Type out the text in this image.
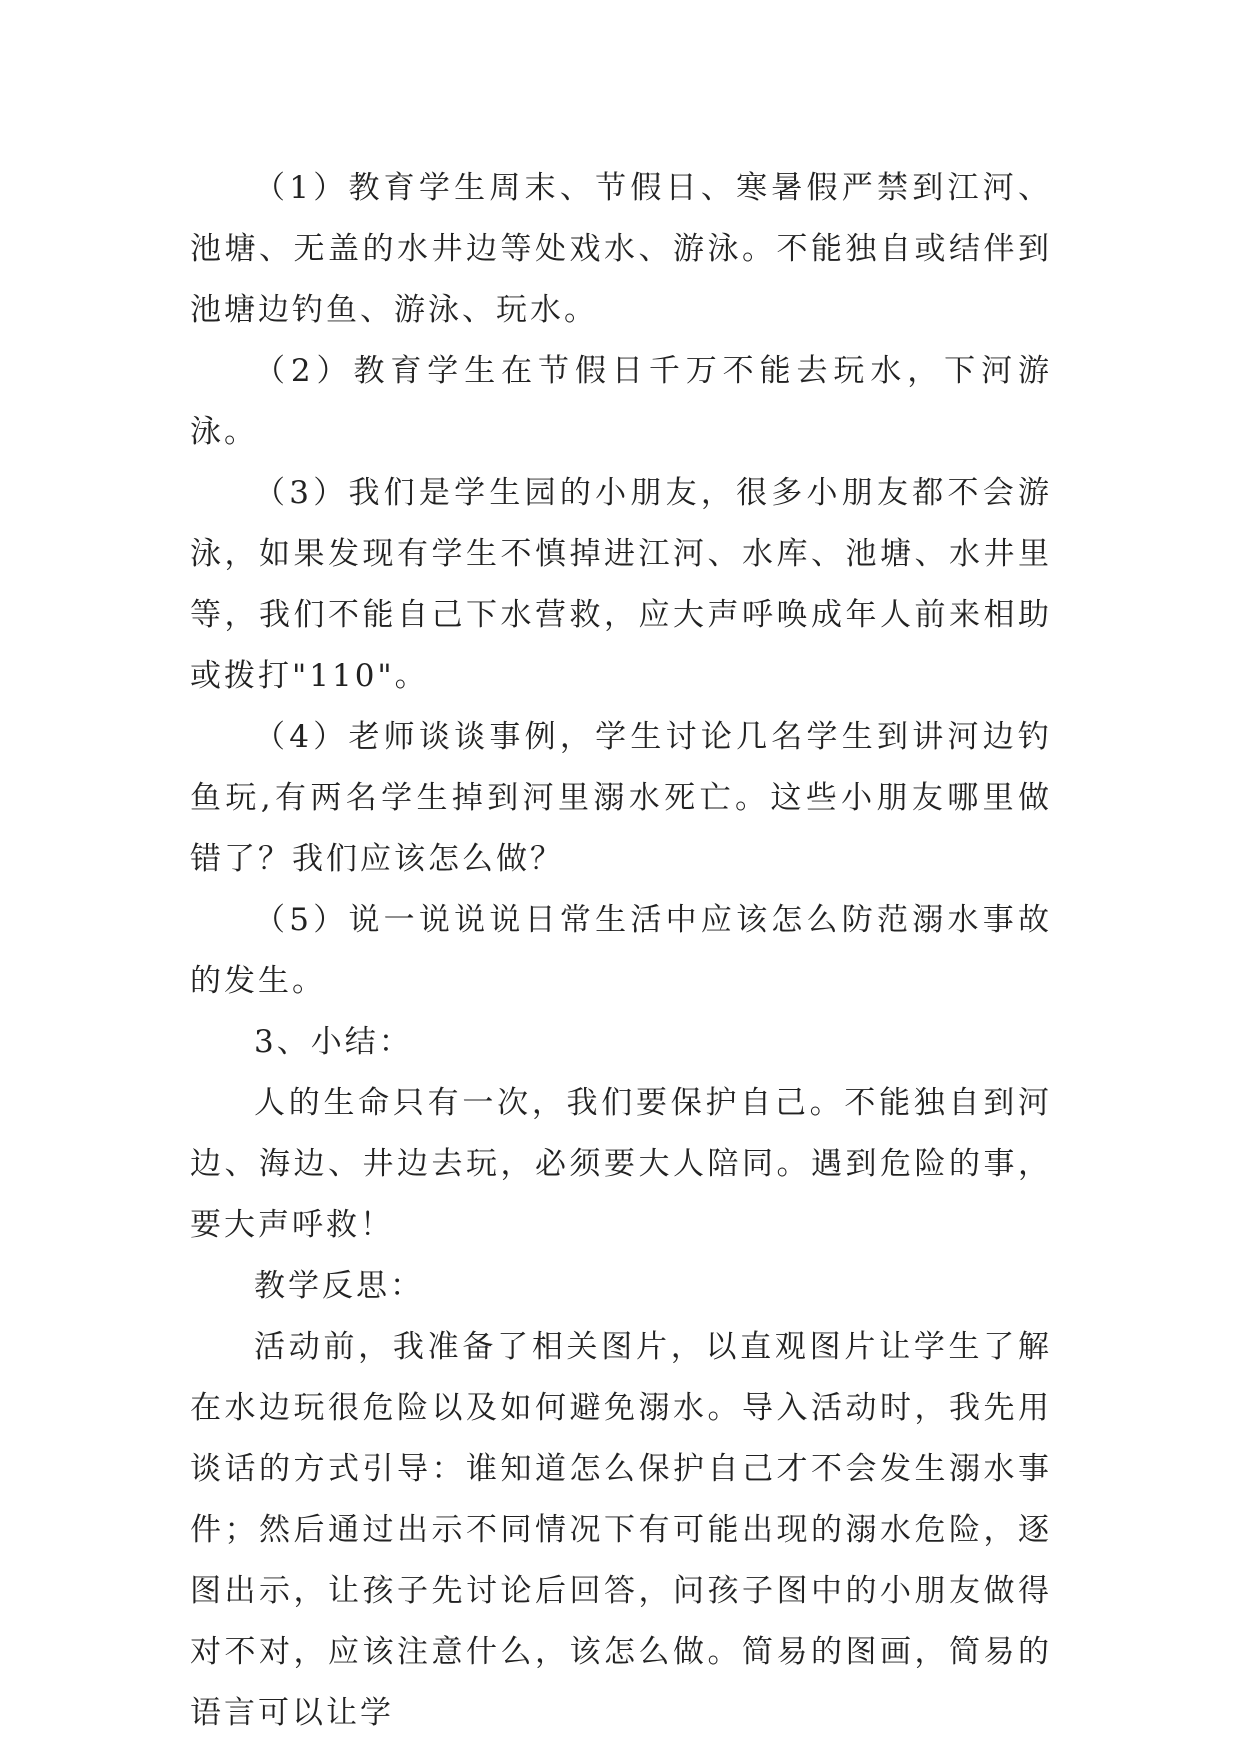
（1）教育学生周末、节假日、寒暑假严禁到江河、池塘、无盖的水井边等处戏水、游泳。不能独自或结伴到池塘边钓鱼、游泳、玩水。

（2）教育学生在节假日千万不能去玩水，下河游泳。

（3）我们是学生园的小朋友，很多小朋友都不会游泳，如果发现有学生不慎掉进江河、水库、池塘、水井里等，我们不能自己下水营救，应大声呼唤成年人前来相助或拨打"110"。

（4）老师谈谈事例，学生讨论几名学生到讲河边钓鱼玩,有两名学生掉到河里溺水死亡。这些小朋友哪里做错了？我们应该怎么做？

（5）说一说说说日常生活中应该怎么防范溺水事故的发生。

3、小结：

人的生命只有一次，我们要保护自己。不能独自到河边、海边、井边去玩，必须要大人陪同。遇到危险的事，要大声呼救！

教学反思：

活动前，我准备了相关图片，以直观图片让学生了解在水边玩很危险以及如何避免溺水。导入活动时，我先用谈话的方式引导：谁知道怎么保护自己才不会发生溺水事件；然后通过出示不同情况下有可能出现的溺水危险，逐图出示，让孩子先讨论后回答，问孩子图中的小朋友做得对不对，应该注意什么，该怎么做。简易的图画，简易的语言可以让学
